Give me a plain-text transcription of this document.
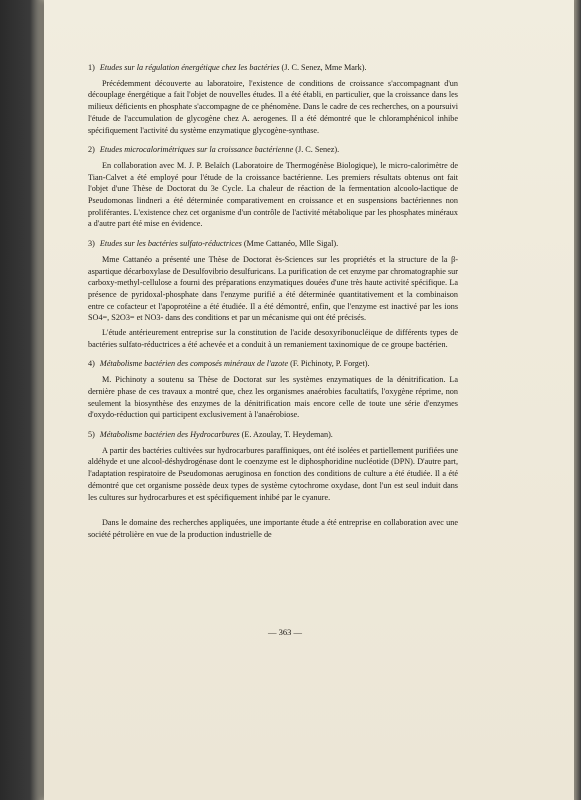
1) Etudes sur la régulation énergétique chez les bactéries (J. C. Senez, Mme Mark).

Précédemment découverte au laboratoire, l'existence de conditions de croissance s'accompagnant d'un découplage énergétique a fait l'objet de nouvelles études. Il a été établi, en particulier, que la croissance dans les milieux déficients en phosphate s'accompagne de ce phénomène. Dans le cadre de ces recherches, on a poursuivi l'étude de l'accumulation de glycogène chez A. aerogenes. Il a été démontré que le chloramphénicol inhibe spécifiquement l'activité du système enzymatique glycogène-synthase.

2) Etudes microcalorimétriques sur la croissance bactérienne (J. C. Senez).

En collaboration avec M. J. P. Belaïch (Laboratoire de Thermogénèse Biologique), le micro-calorimètre de Tian-Calvet a été employé pour l'étude de la croissance bactérienne. Les premiers résultats obtenus ont fait l'objet d'une Thèse de Doctorat du 3e Cycle. La chaleur de réaction de la fermentation alcoolo-lactique de Pseudomonas lindneri a été déterminée comparativement en croissance et en suspensions bactériennes non proliférantes. L'existence chez cet organisme d'un contrôle de l'activité métabolique par les phosphates minéraux a d'autre part été mise en évidence.

3) Etudes sur les bactéries sulfato-réductrices (Mme Cattanéo, Mlle Sigal).

Mme Cattanéo a présenté une Thèse de Doctorat ès-Sciences sur les propriétés et la structure de la β-aspartique décarboxylase de Desulfovibrio desulfuricans. La purification de cet enzyme par chromatographie sur carboxy-methyl-cellulose a fourni des préparations enzymatiques douées d'une très haute activité spécifique. La présence de pyridoxal-phosphate dans l'enzyme purifié a été déterminée quantitativement et la combinaison entre ce cofacteur et l'apoprotéine a été étudiée. Il a été démontré, enfin, que l'enzyme est inactivé par les ions SO4=, S2O3= et NO3- dans des conditions et par un mécanisme qui ont été précisés.

L'étude antérieurement entreprise sur la constitution de l'acide desoxyribonucléique de différents types de bactéries sulfato-réductrices a été achevée et a conduit à un remaniement taxinomique de ce groupe bactérien.

4) Métabolisme bactérien des composés minéraux de l'azote (F. Pichinoty, P. Forget).

M. Pichinoty a soutenu sa Thèse de Doctorat sur les systèmes enzymatiques de la dénitrification. La dernière phase de ces travaux a montré que, chez les organismes anaérobies facultatifs, l'oxygène réprime, non seulement la biosynthèse des enzymes de la dénitrification mais encore celle de toute une série d'enzymes d'oxydo-réduction qui participent exclusivement à l'anaérobiose.

5) Métabolisme bactérien des Hydrocarbures (E. Azoulay, T. Heydeman).

A partir des bactéries cultivées sur hydrocarbures paraffiniques, ont été isolées et partiellement purifiées une aldéhyde et une alcool-déshydrogénase dont le coenzyme est le diphosphoridine nucléotide (DPN). D'autre part, l'adaptation respiratoire de Pseudomonas aeruginosa en fonction des conditions de culture a été étudiée. Il a été démontré que cet organisme possède deux types de système cytochrome oxydase, dont l'un est seul induit dans les cultures sur hydrocarbures et est spécifiquement inhibé par le cyanure.

Dans le domaine des recherches appliquées, une importante étude a été entreprise en collaboration avec une société pétrolière en vue de la production industrielle de

— 363 —
